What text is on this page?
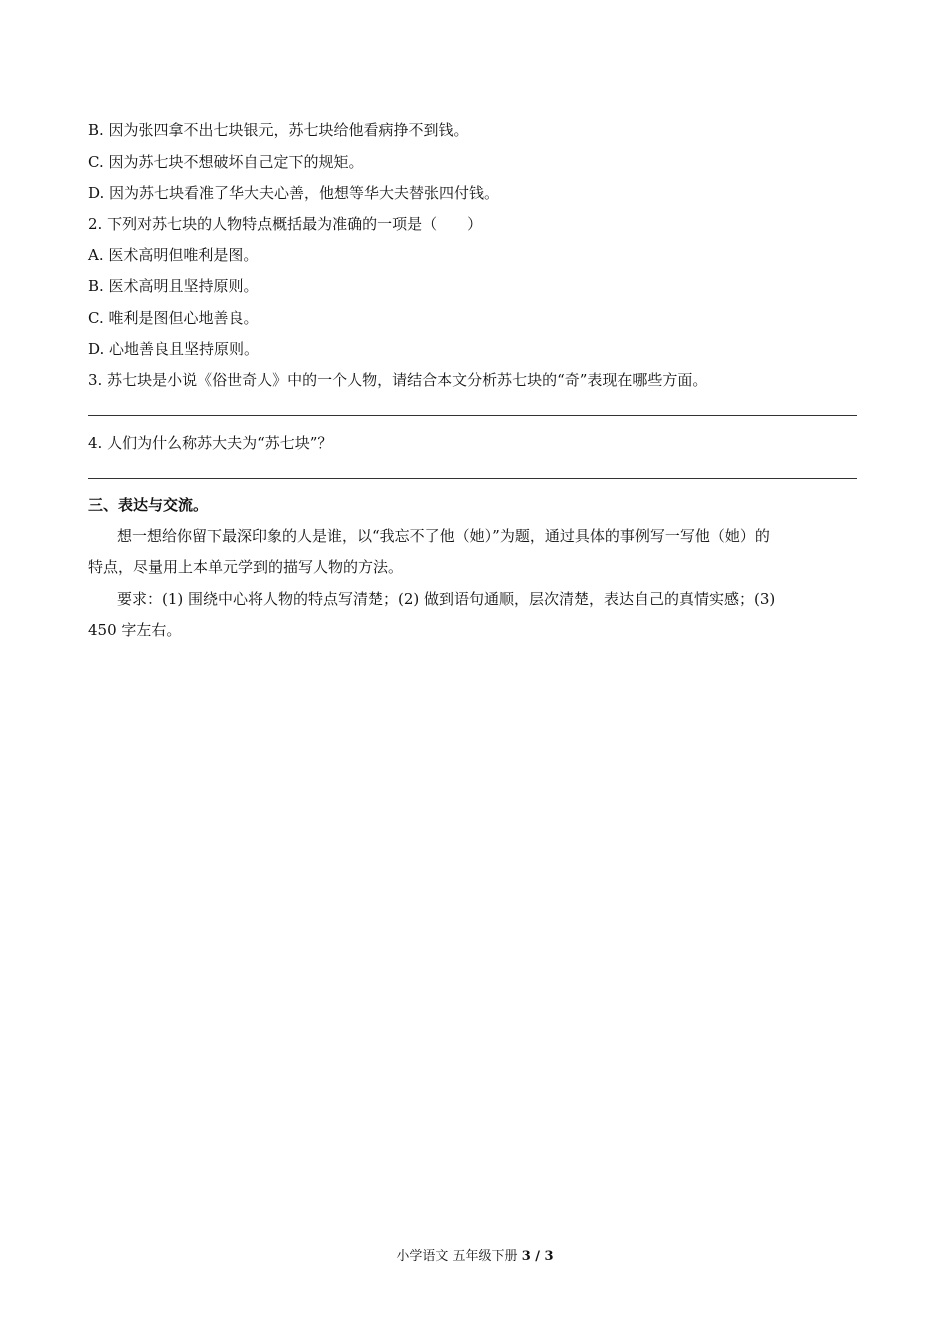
B. 因为张四拿不出七块银元，苏七块给他看病挣不到钱。
C. 因为苏七块不想破坏自己定下的规矩。
D. 因为苏七块看准了华大夫心善，他想等华大夫替张四付钱。
2. 下列对苏七块的人物特点概括最为准确的一项是（　　）
A. 医术高明但唯利是图。
B. 医术高明且坚持原则。
C. 唯利是图但心地善良。
D. 心地善良且坚持原则。
3. 苏七块是小说《俗世奇人》中的一个人物，请结合本文分析苏七块的“奇”表现在哪些方面。
4. 人们为什么称苏大夫为“苏七块”？
三、表达与交流。
想一想给你留下最深印象的人是谁，以“我忘不了他（她）”为题，通过具体的事例写一写他（她）的
特点，尽量用上本单元学到的描写人物的方法。
要求：(1) 围绕中心将人物的特点写清楚；(2) 做到语句通顺，层次清楚，表达自己的真情实感；(3)
450 字左右。
小学语文 五年级下册 3 / 3
